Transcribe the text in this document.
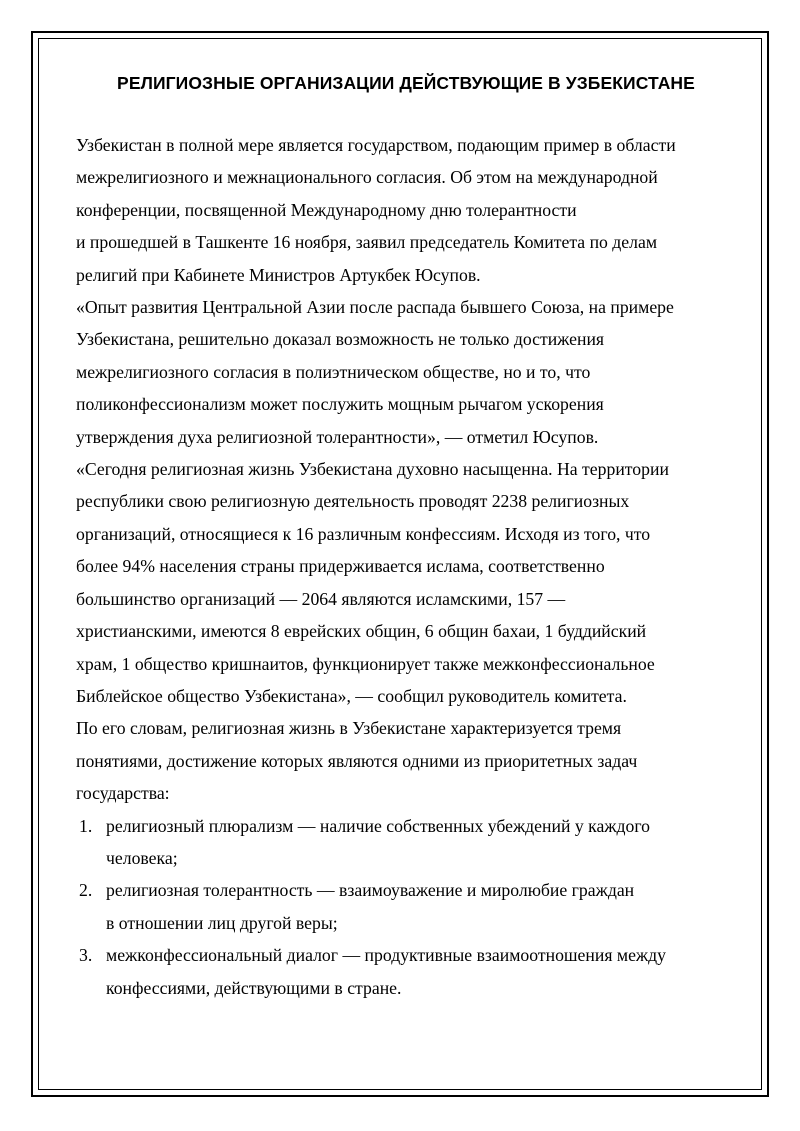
РЕЛИГИОЗНЫЕ ОРГАНИЗАЦИИ ДЕЙСТВУЮЩИЕ В УЗБЕКИСТАНЕ

Узбекистан в полной мере является государством, подающим пример в области
межрелигиозного и межнационального согласия. Об этом на международной
конференции, посвященной Международному дню толерантности
и прошедшей в Ташкенте 16 ноября, заявил председатель Комитета по делам
религий при Кабинете Министров Артукбек Юсупов.

«Опыт развития Центральной Азии после распада бывшего Союза, на примере
Узбекистана, решительно доказал возможность не только достижения
межрелигиозного согласия в полиэтническом обществе, но и то, что
поликонфессионализм может послужить мощным рычагом ускорения
утверждения духа религиозной толерантности», — отметил Юсупов.

«Сегодня религиозная жизнь Узбекистана духовно насыщенна. На территории
республики свою религиозную деятельность проводят 2238 религиозных
организаций, относящиеся к 16 различным конфессиям. Исходя из того, что
более 94% населения страны придерживается ислама, соответственно
большинство организаций — 2064 являются исламскими, 157 —
христианскими, имеются 8 еврейских общин, 6 общин бахаи, 1 буддийский
храм, 1 общество кришнаитов, функционирует также межконфессиональное
Библейское общество Узбекистана», — сообщил руководитель комитета.

По его словам, религиозная жизнь в Узбекистане характеризуется тремя
понятиями, достижение которых являются одними из приоритетных задач
государства:

1. религиозный плюрализм — наличие собственных убеждений у каждого
человека;
2. религиозная толерантность — взаимоуважение и миролюбие граждан
в отношении лиц другой веры;
3. межконфессиональный диалог — продуктивные взаимоотношения между
конфессиями, действующими в стране.
